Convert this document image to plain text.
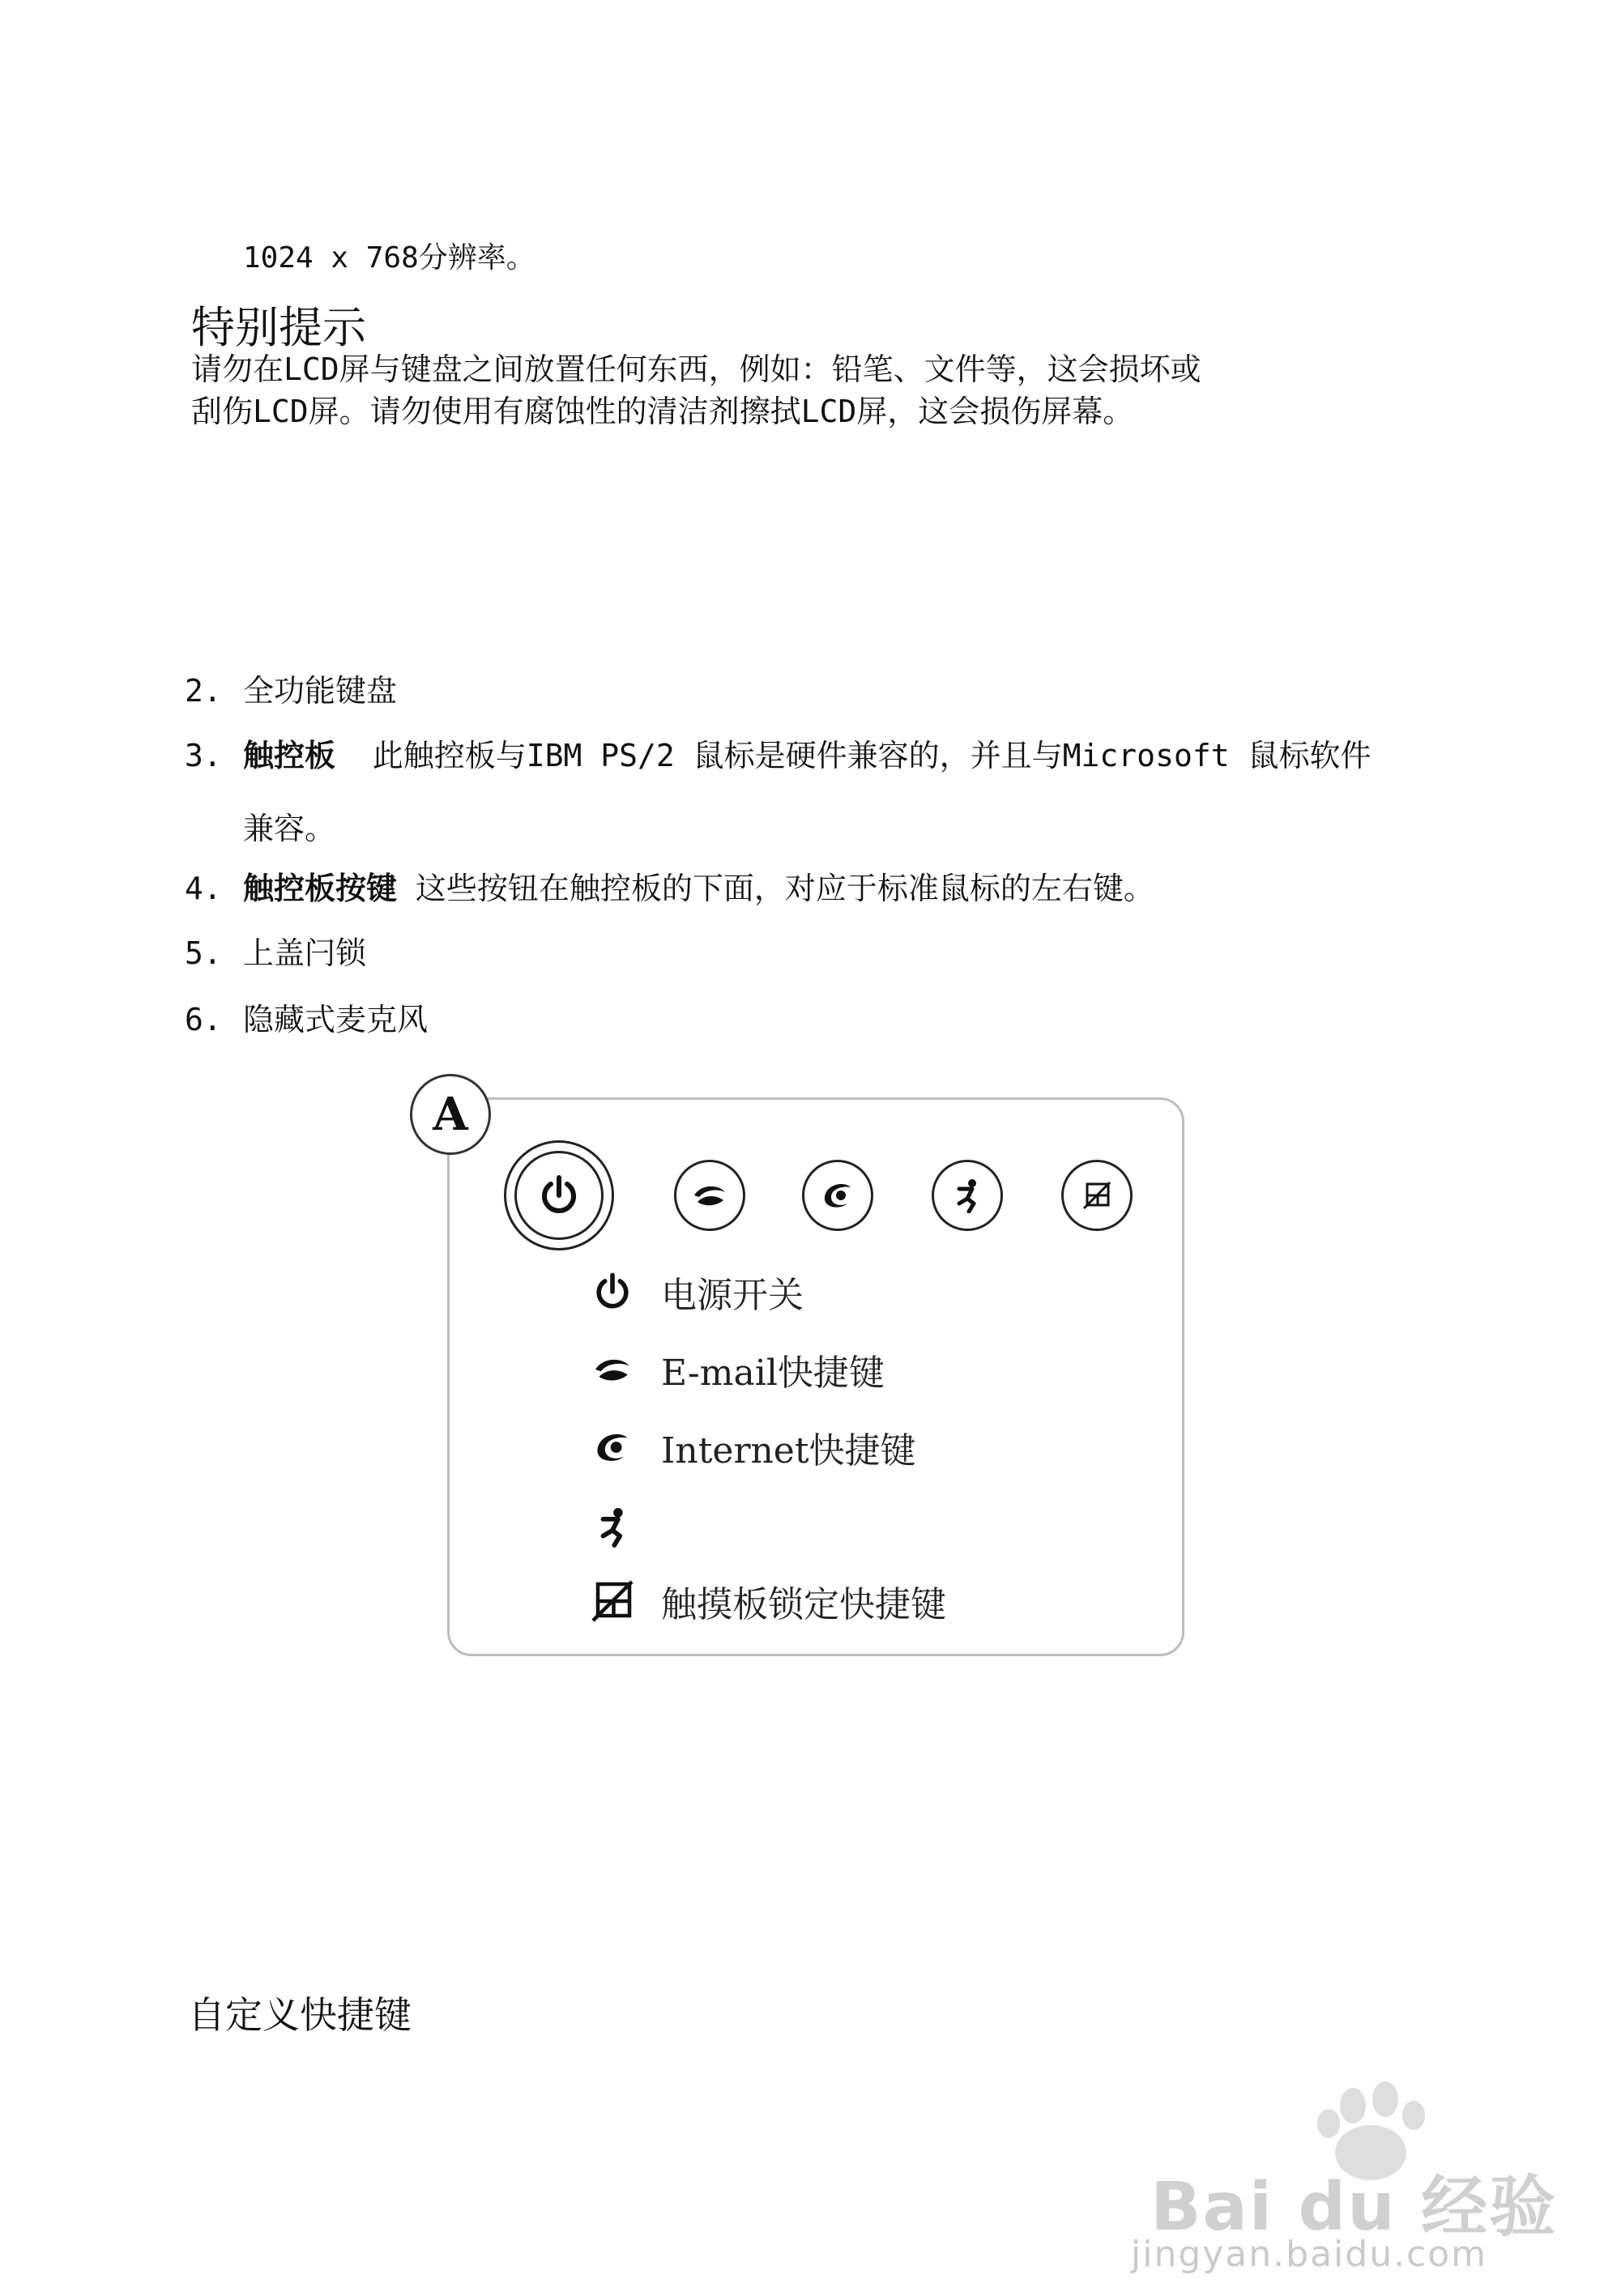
1024 x 768分辨率。
特别提示

请勿在LCD屏与键盘之间放置任何东西，例如：铅笔、文件等，这会损坏或

刮伤LCD屏。请勿使用有腐蚀性的清洁剂擦拭LCD屏，这会损伤屏幕。

2. 全功能键盘
3. 触控板  此触控板与IBM PS/2 鼠标是硬件兼容的，并且与Microsoft 鼠标软件
兼容。
4. 触控板按键 这些按钮在触控板的下面，对应于标准鼠标的左右键。
5. 上盖闩锁
6. 隐藏式麦克风
A
电源开关
E-mail快捷键
Internet快捷键
触摸板锁定快捷键
自定义快捷键
Bai du 经验
jingyan.baidu.com
